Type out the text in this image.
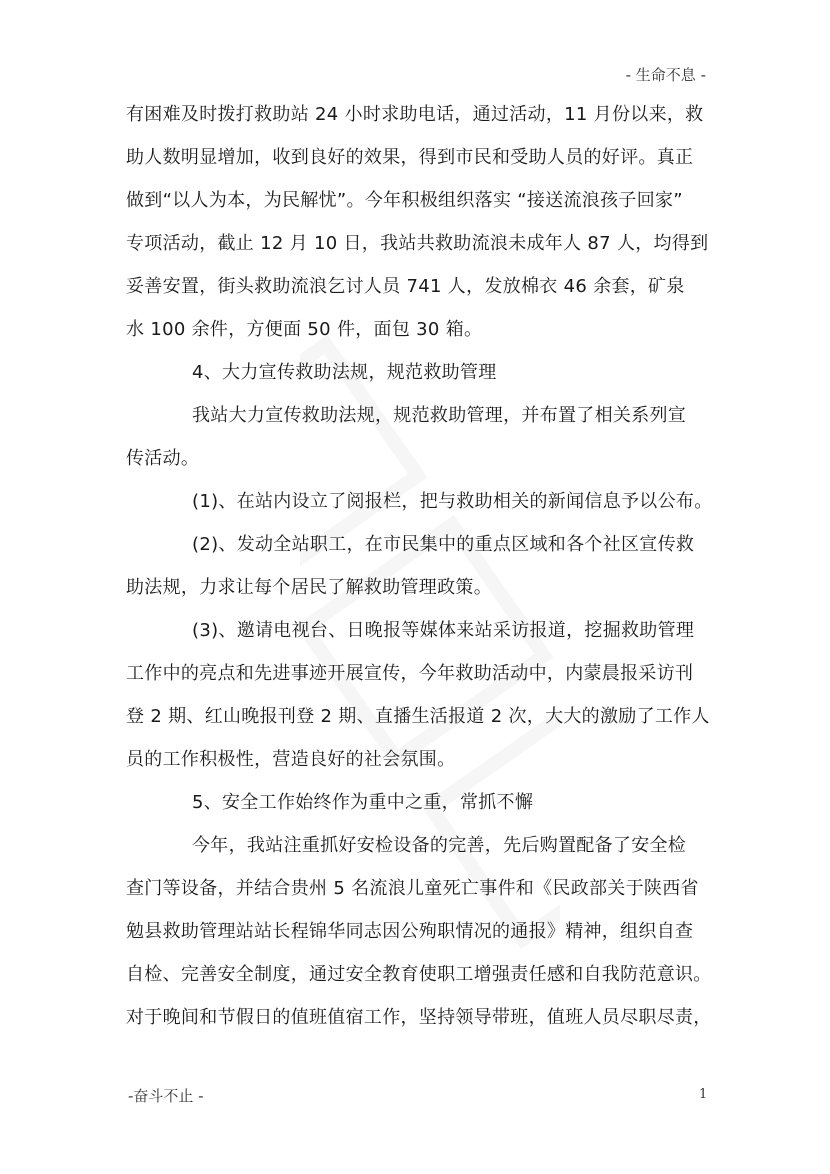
- 生命不息 -

有困难及时拨打救助站 24 小时求助电话，通过活动，11 月份以来，救

助人数明显增加，收到良好的效果，得到市民和受助人员的好评。真正

做到“以人为本，为民解忧”。今年积极组织落实 “接送流浪孩子回家”

专项活动，截止 12 月 10 日，我站共救助流浪未成年人 87 人，均得到

妥善安置，街头救助流浪乞讨人员 741 人，发放棉衣 46 余套，矿泉

水 100 余件，方便面 50 件，面包 30 箱。

4、大力宣传救助法规，规范救助管理

我站大力宣传救助法规，规范救助管理，并布置了相关系列宣

传活动。

(1)、在站内设立了阅报栏，把与救助相关的新闻信息予以公布。

(2)、发动全站职工，在市民集中的重点区域和各个社区宣传救

助法规，力求让每个居民了解救助管理政策。

(3)、邀请电视台、日晚报等媒体来站采访报道，挖掘救助管理

工作中的亮点和先进事迹开展宣传，今年救助活动中，内蒙晨报采访刊

登 2 期、红山晚报刊登 2 期、直播生活报道 2 次，大大的激励了工作人

员的工作积极性，营造良好的社会氛围。

5、安全工作始终作为重中之重，常抓不懈

今年，我站注重抓好安检设备的完善，先后购置配备了安全检

查门等设备，并结合贵州 5 名流浪儿童死亡事件和《民政部关于陕西省

勉县救助管理站站长程锦华同志因公殉职情况的通报》精神，组织自查

自检、完善安全制度，通过安全教育使职工增强责任感和自我防范意识。

对于晚间和节假日的值班值宿工作，坚持领导带班，值班人员尽职尽责，

-奋斗不止 -	1
